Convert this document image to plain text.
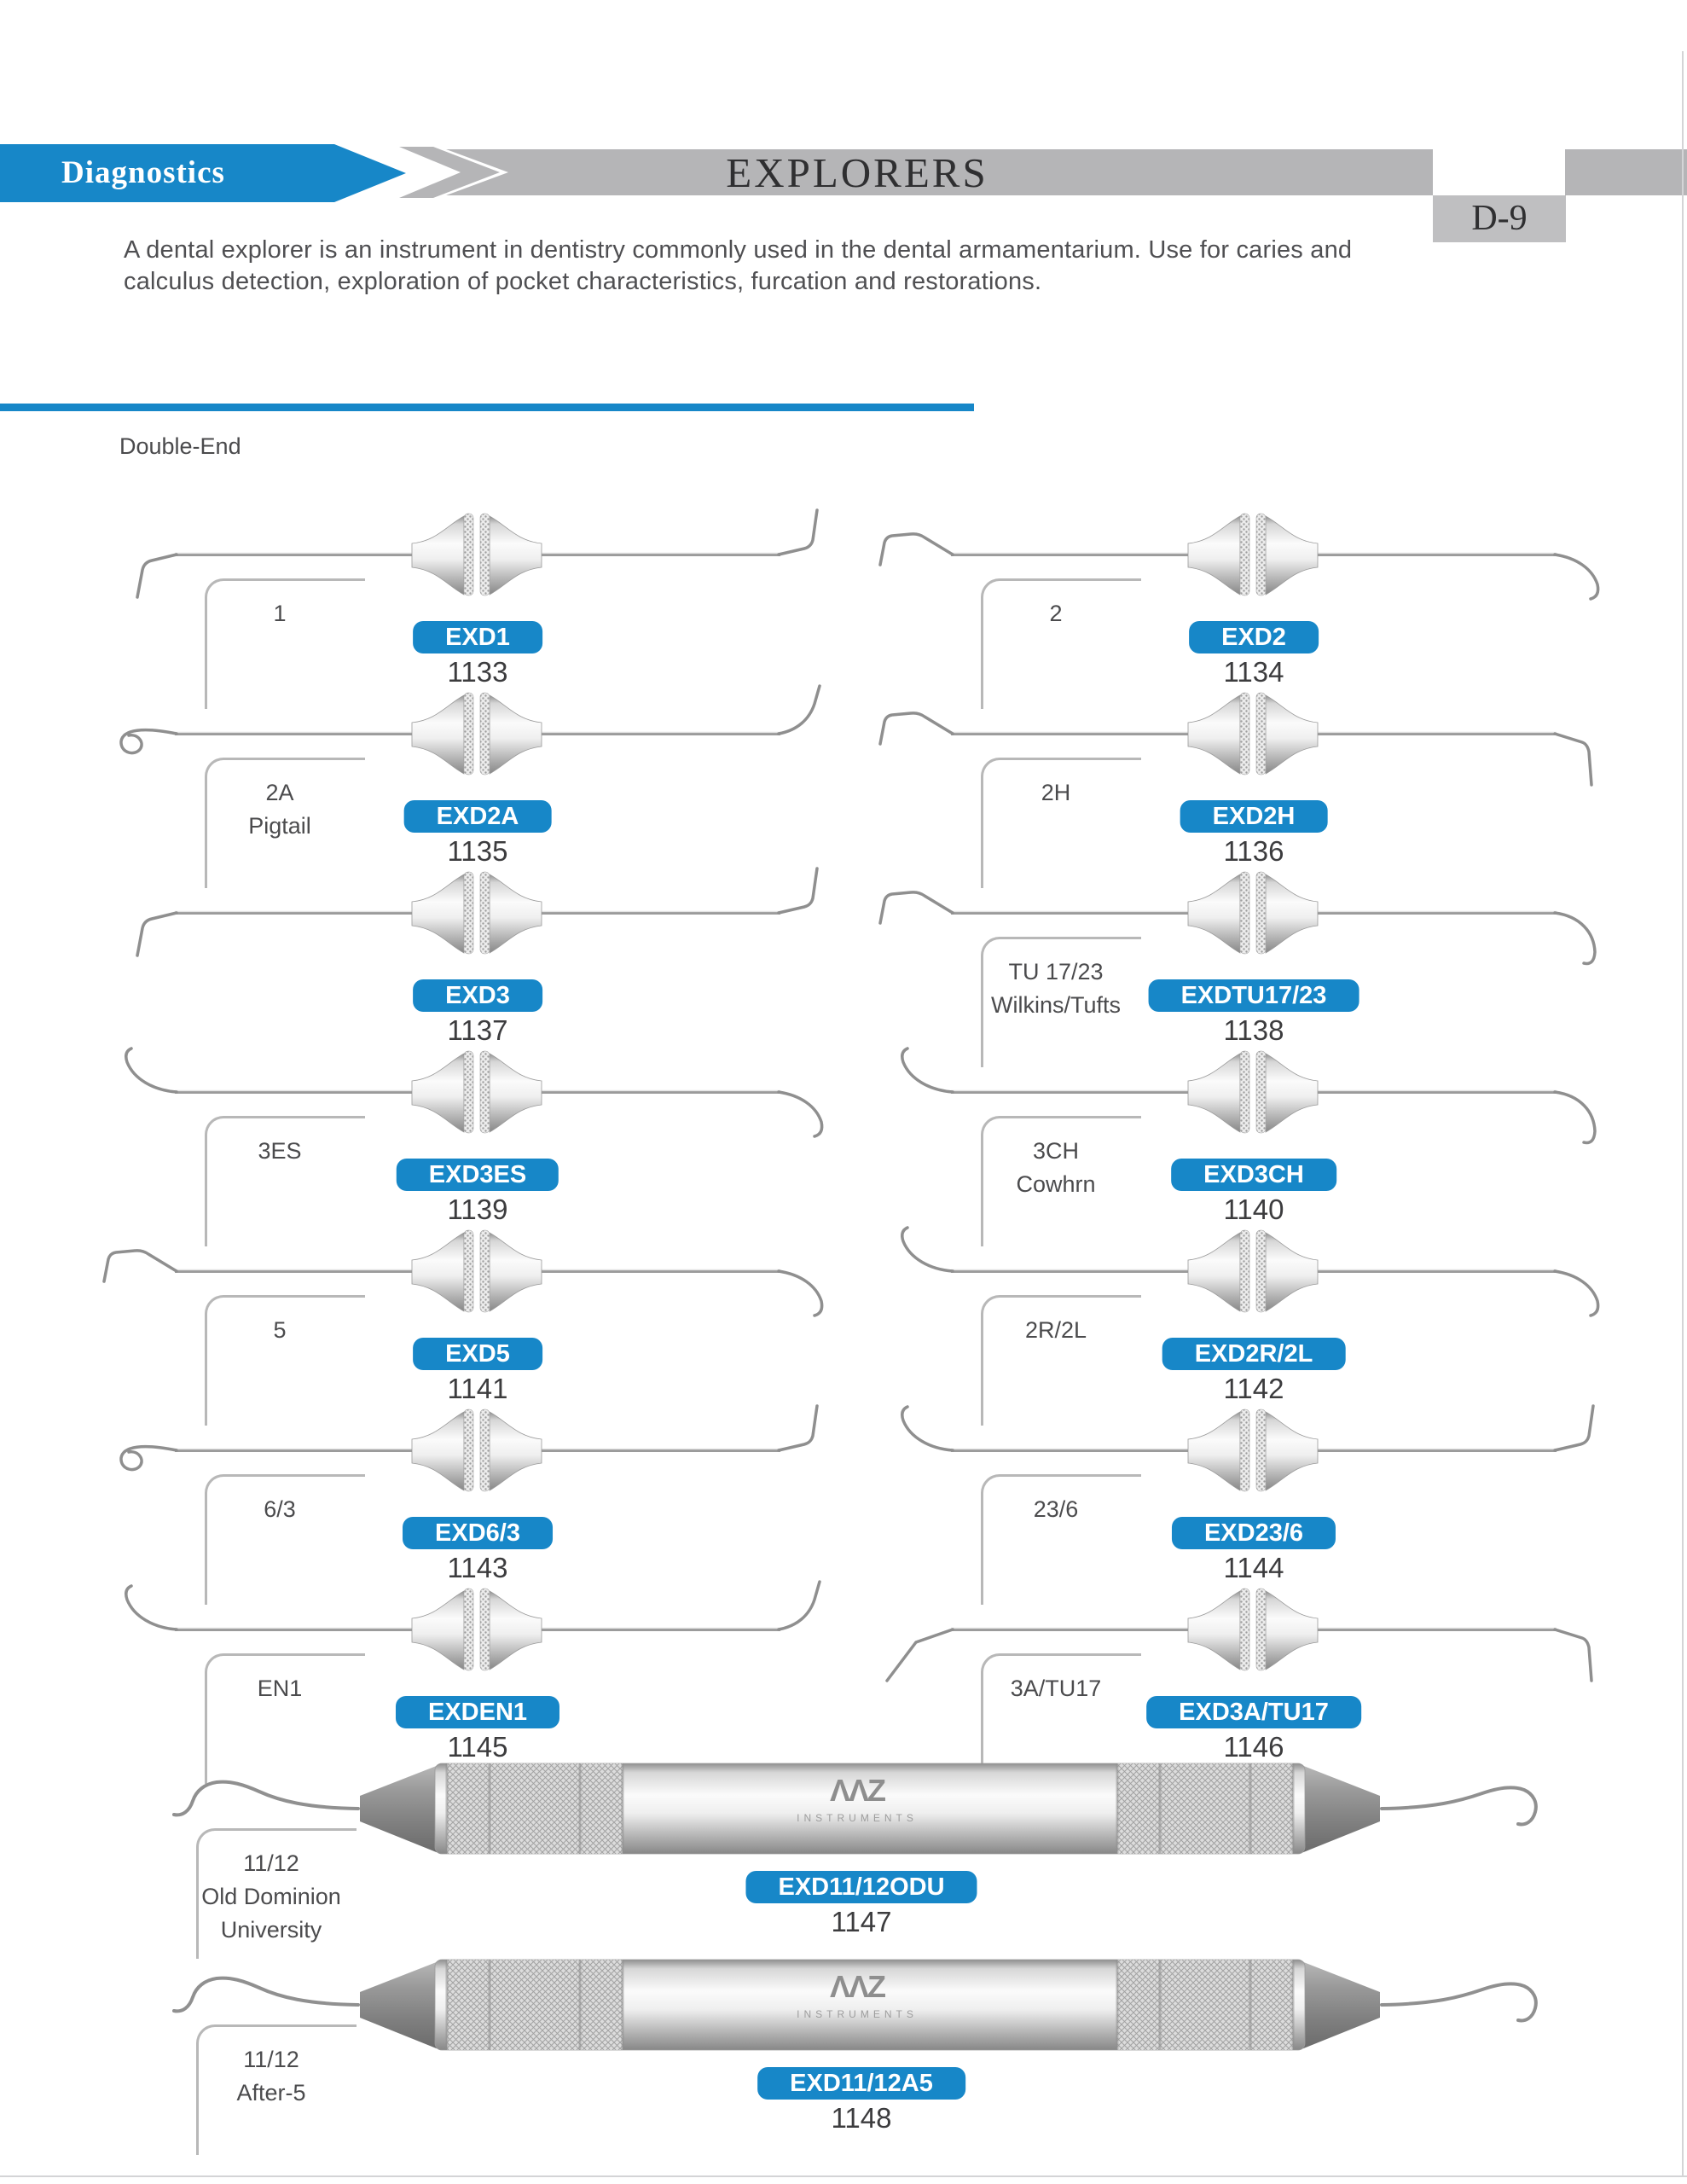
Diagnostics	EXPLORERS
D-9

A dental explorer is an instrument in dentistry commonly used in the dental armamentarium. Use for caries and calculus detection, exploration of pocket characteristics, furcation and restorations.

Double-End
1
EXD1
1133
2
EXD2
1134
2A
Pigtail	EXD2A
1135
2H
EXD2H
1136
EXD3
1137
TU 17/23
Wilkins/Tufts	EXDTU17/23
1138
3ES
EXD3ES
1139
3CH
Cowhrn	EXD3CH
1140
5
EXD5
1141
2R/2L
EXD2R/2L
1142
6/3
EXD6/3
1143
23/6
EXD23/6
1144
EN1
EXDEN1
1145
3A/TU17
EXD3A/TU17
1146
ΛΛZ
INSTRUMENTS
11/12
Old Dominion
University
EXD11/12ODU
1147
ΛΛZ
INSTRUMENTS
11/12
After-5	EXD11/12A5
1148
